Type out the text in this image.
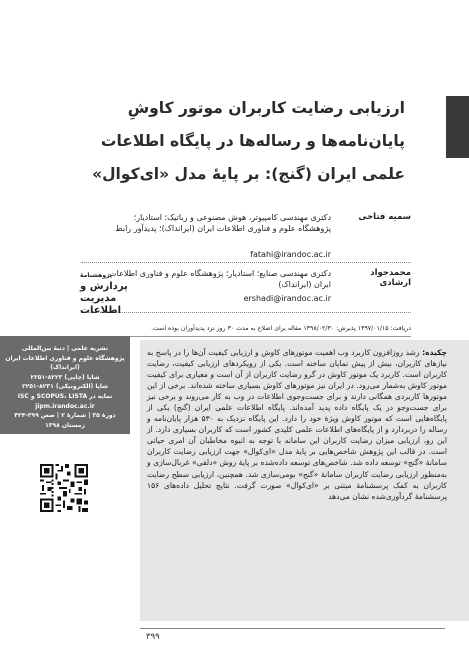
ارزیابی رضایت کاربران موتور کاوشِ
پایان‌نامه‌ها و رساله‌ها در پایگاه اطلاعات
علمی ایران (گنج): بر پایهٔ مدل «ای‌کوال»
سمیه فتاحی
دکتری مهندسی کامپیوتر، هوش مصنوعی و رباتیک؛ استادیار؛ پژوهشگاه علوم و فناوری اطلاعات ایران (ایرانداک)؛ پدیدآور رابط
fatahi@irandoc.ac.ir
محمدجواد ارشادی
دکتری مهندسی صنایع؛ استادیار؛ پژوهشگاه علوم و فناوری اطلاعات ایران (ایرانداک)
ershadi@irandoc.ac.ir
دریافت: ۱۳۹۷/۰۱/۱۵ پذیرش: ۱۳۹۸/۰۲/۳۰ مقاله برای اصلاح به مدت ۳۰ روز نزد پدیدآوران بوده است.
پژوهشنامهٔ
پردازش و
مدیریت
اطلاعات
نشریه علمی | دنبهٔ بین‌المللی
پژوهشگاه علوم و فناوری اطلاعات ایران
(ایرانداک)
شاپا (چاپی) ۸۲۲۳-۲۲۵۱
شاپا (الکترونیکی) ۸۲۳۱-۲۲۵۱
نمایه در SCOPUS، LISTA و ISC
jipm.irandoc.ac.ir
دورهٔ ۳۵ | شمارهٔ ۲ | صص ۳۹۹-۴۲۴
زمستان ۱۳۹۸
چکیده: رشد روزافزون کاربرد وب اهمیت موتورهای کاوش و ارزیابی کیفیت آن‌ها را در پاسخ به نیازهای کاربران، بیش از پیش نمایان ساخته است. یکی از رویکردهای ارزیابی کیفیت، رضایت کاربران است. کاربرد یک موتور کاوش در گرو رضایت کاربران از آن است و معیاری برای کیفیت موتور کاوش به‌شمار می‌رود. در ایران نیز موتورهای کاوش بسیاری ساخته شده‌اند. برخی از این موتورها کاربردی همگانی دارند و برای جست‌وجوی اطلاعات در وب به کار می‌روند و برخی نیز برای جست‌وجو در یک پایگاه داده پدید آمده‌اند. پایگاه اطلاعات علمی ایران (گنج) یکی از پایگاه‌هایی است که موتور کاوش ویژهٔ خود را دارد. این پایگاه نزدیک به ۵۳۰ هزار پایان‌نامه و رساله را دربردارد و از پایگاه‌های اطلاعات علمی کلیدی کشور است که کاربران بسیاری دارد. از این رو، ارزیابی میزان رضایت کاربران این سامانه با توجه به انبوه مخاطبان آن امری حیاتی است. در قالب این پژوهش شاخص‌هایی بر پایهٔ مدل «ای‌کوال» جهت ارزیابی رضایت کاربران سامانهٔ «گنج» توسعه داده شد. شاخص‌های توسعه داده‌شده بر پایهٔ روش «دلفی» غربال‌سازی و به‌منظور ارزیابی رضایت کاربران سامانهٔ «گنج» بومی‌سازی شد. همچنین، ارزیابی سطح رضایت کاربران به کمک پرسشنامهٔ مبتنی بر «ای‌کوال» صورت گرفت. نتایج تحلیل داده‌های ۱۵۶ پرسشنامهٔ گردآوری‌شده نشان می‌دهد
۳۹۹
